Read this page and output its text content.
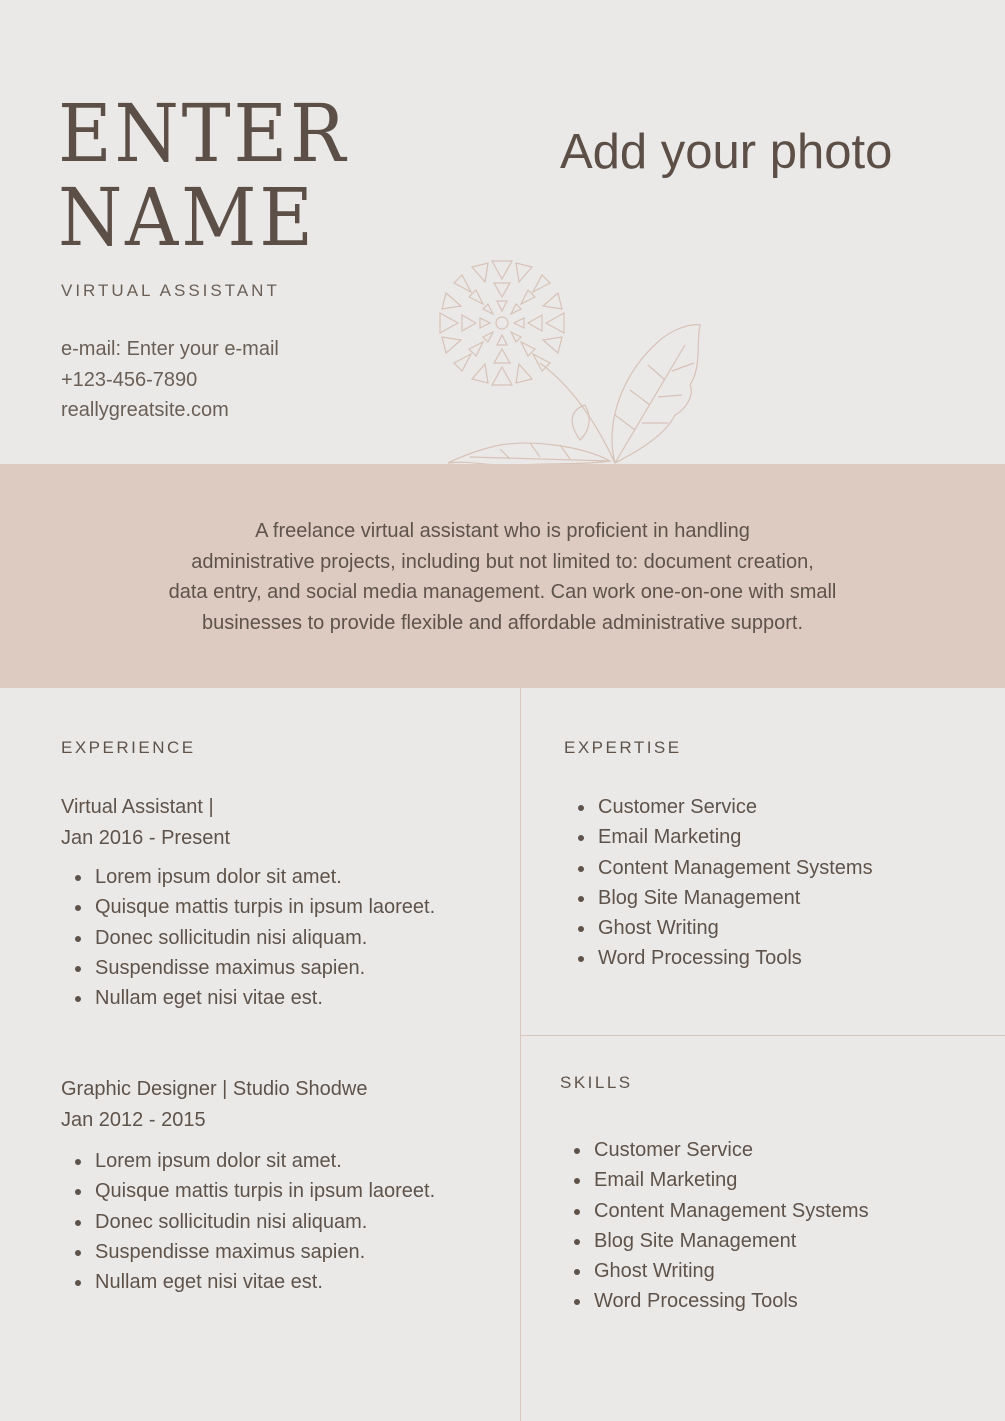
ENTER
NAME
VIRTUAL ASSISTANT
e-mail: Enter your e-mail
+123-456-7890
reallygreatsite.com
Add your photo
A freelance virtual assistant who is proficient in handling
administrative projects, including but not limited to: document creation,
data entry, and social media management. Can work one-on-one with small
businesses to provide flexible and affordable administrative support.
EXPERIENCE
Virtual Assistant |
Jan 2016 - Present
Lorem ipsum dolor sit amet.
Quisque mattis turpis in ipsum laoreet.
Donec sollicitudin nisi aliquam.
Suspendisse maximus sapien.
Nullam eget nisi vitae est.
Graphic Designer | Studio Shodwe
Jan 2012 - 2015
Lorem ipsum dolor sit amet.
Quisque mattis turpis in ipsum laoreet.
Donec sollicitudin nisi aliquam.
Suspendisse maximus sapien.
Nullam eget nisi vitae est.
EXPERTISE
Customer Service
Email Marketing
Content Management Systems
Blog Site Management
Ghost Writing
Word Processing Tools
SKILLS
Customer Service
Email Marketing
Content Management Systems
Blog Site Management
Ghost Writing
Word Processing Tools
